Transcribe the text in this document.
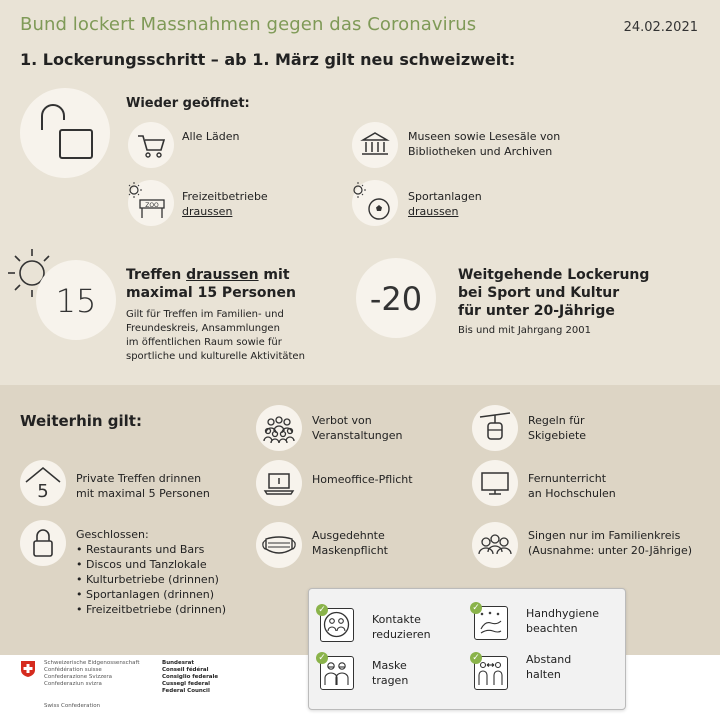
Bund lockert Massnahmen gegen das Coronavirus	24.02.2021
1. Lockerungsschritt – ab 1. März gilt neu schweizweit:
Wieder geöffnet:
Alle Läden	Museen sowie Lesesäle von
Bibliotheken und Archiven
ZOO
Freizeitbetriebe
draussen
Sportanlagen
draussen
15
Treffen draussen mit
maximal 15 Personen
Gilt für Treffen im Familien- und
Freundeskreis, Ansammlungen
im öffentlichen Raum sowie für
sportliche und kulturelle Aktivitäten
-20
Weitgehende Lockerung
bei Sport und Kultur
für unter 20-Jährige
Bis und mit Jahrgang 2001
Weiterhin gilt:
5
Private Treffen drinnen
mit maximal 5 Personen
Geschlossen:
• Restaurants und Bars
• Discos und Tanzlokale
• Kulturbetriebe (drinnen)
• Sportanlagen (drinnen)
• Freizeitbetriebe (drinnen)
Verbot von
Veranstaltungen
Homeoffice-Pflicht
Ausgedehnte
Maskenpflicht
Regeln für
Skigebiete
Fernunterricht
an Hochschulen
Singen nur im Familienkreis
(Ausnahme: unter 20-Jährige)
✓
Kontakte
reduzieren
✓	Handhygiene
beachten
✓
Maske
tragen
✓	Abstand
halten
Schweizerische Eidgenossenschaft
Confédération suisse
Confederazione Svizzera
Confederaziun svizra
Swiss Confederation
Bundesrat
Conseil fédéral
Consiglio federale
Cussegl federal
Federal Council
